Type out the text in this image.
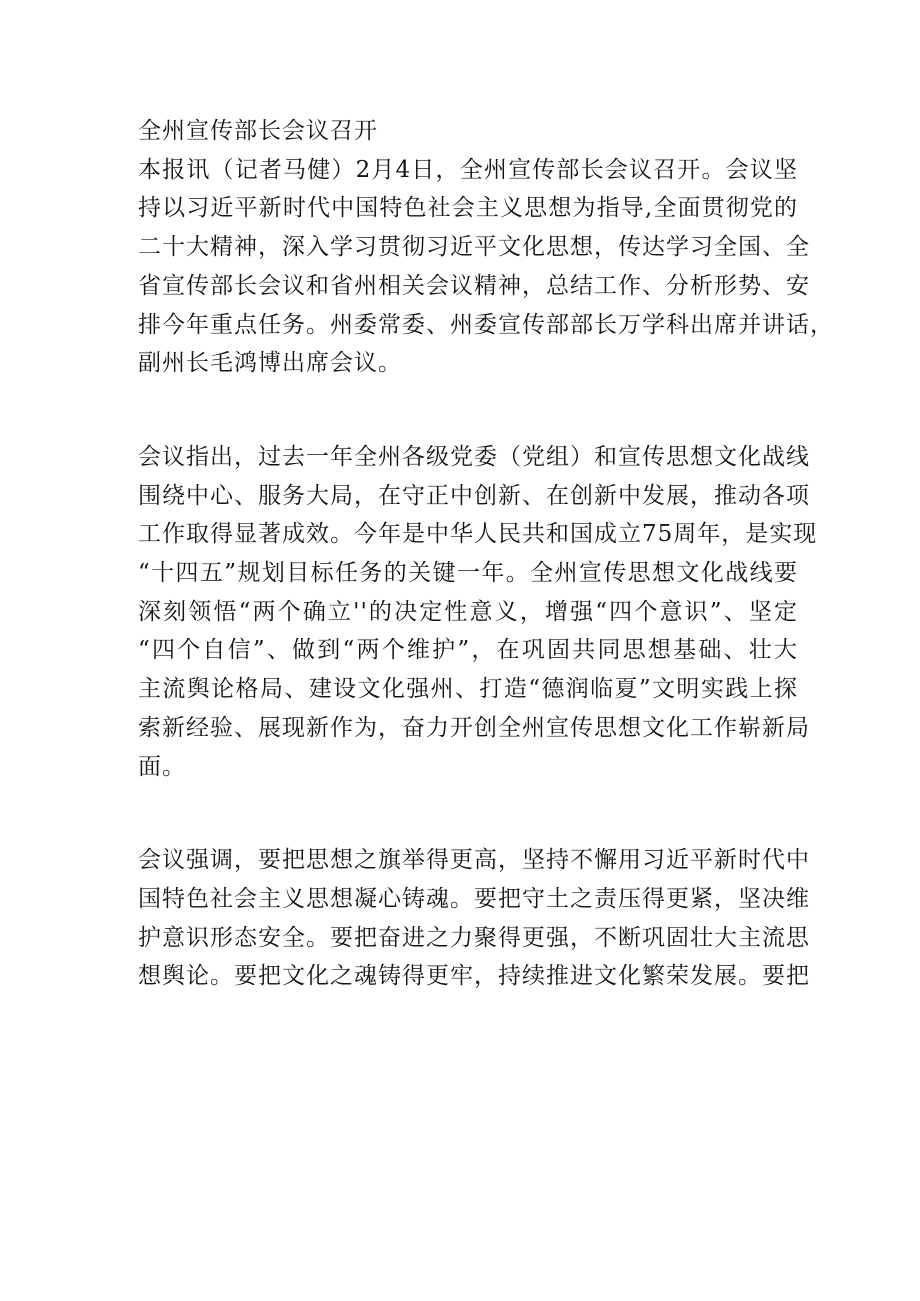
全州宣传部长会议召开
本报讯（记者马健）2月4日，全州宣传部长会议召开。会议坚
持以习近平新时代中国特色社会主义思想为指导,全面贯彻党的
二十大精神，深入学习贯彻习近平文化思想，传达学习全国、全
省宣传部长会议和省州相关会议精神，总结工作、分析形势、安
排今年重点任务。州委常委、州委宣传部部长万学科出席并讲话，
副州长毛鸿博出席会议。
会议指出，过去一年全州各级党委（党组）和宣传思想文化战线
围绕中心、服务大局，在守正中创新、在创新中发展，推动各项
工作取得显著成效。今年是中华人民共和国成立75周年，是实现
“十四五”规划目标任务的关键一年。全州宣传思想文化战线要
深刻领悟“两个确立''的决定性意义，增强“四个意识”、坚定
“四个自信”、做到“两个维护”，在巩固共同思想基础、壮大
主流舆论格局、建设文化强州、打造“德润临夏”文明实践上探
索新经验、展现新作为，奋力开创全州宣传思想文化工作崭新局
面。
会议强调，要把思想之旗举得更高，坚持不懈用习近平新时代中
国特色社会主义思想凝心铸魂。要把守土之责压得更紧，坚决维
护意识形态安全。要把奋进之力聚得更强，不断巩固壮大主流思
想舆论。要把文化之魂铸得更牢，持续推进文化繁荣发展。要把
